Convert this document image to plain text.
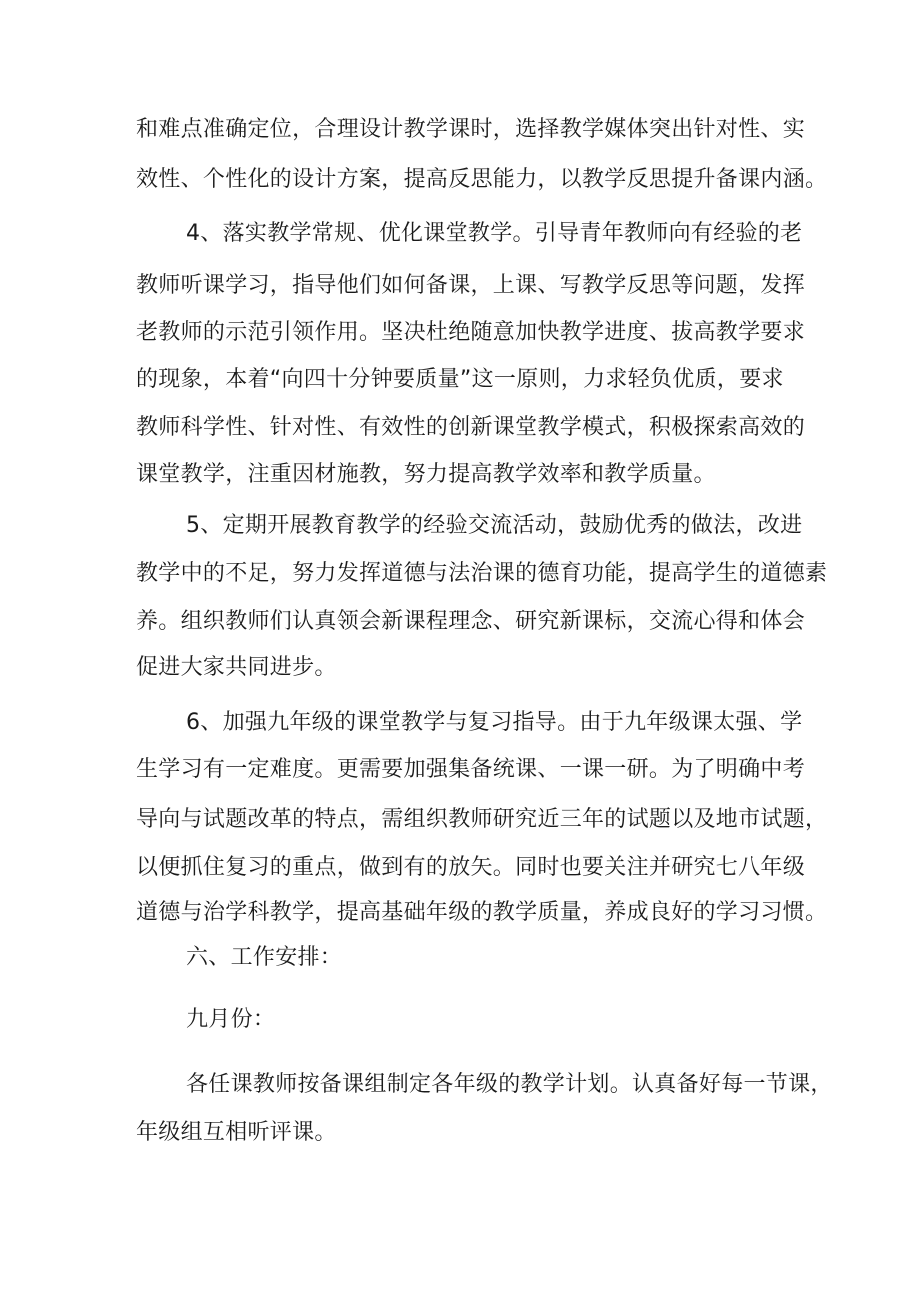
和难点准确定位，合理设计教学课时，选择教学媒体突出针对性、实
效性、个性化的设计方案，提高反思能力，以教学反思提升备课内涵。
4、落实教学常规、优化课堂教学。引导青年教师向有经验的老
教师听课学习，指导他们如何备课，上课、写教学反思等问题，发挥
老教师的示范引领作用。坚决杜绝随意加快教学进度、拔高教学要求
的现象，本着“向四十分钟要质量”这一原则，力求轻负优质，要求
教师科学性、针对性、有效性的创新课堂教学模式，积极探索高效的
课堂教学，注重因材施教，努力提高教学效率和教学质量。
5、定期开展教育教学的经验交流活动，鼓励优秀的做法，改进
教学中的不足，努力发挥道德与法治课的德育功能，提高学生的道德素
养。组织教师们认真领会新课程理念、研究新课标，交流心得和体会
促进大家共同进步。
6、加强九年级的课堂教学与复习指导。由于九年级课太强、学
生学习有一定难度。更需要加强集备统课、一课一研。为了明确中考
导向与试题改革的特点，需组织教师研究近三年的试题以及地市试题，
以便抓住复习的重点，做到有的放矢。同时也要关注并研究七八年级
道德与治学科教学，提高基础年级的教学质量，养成良好的学习习惯。
六、工作安排：
九月份：
各任课教师按备课组制定各年级的教学计划。认真备好每一节课，
年级组互相听评课。
